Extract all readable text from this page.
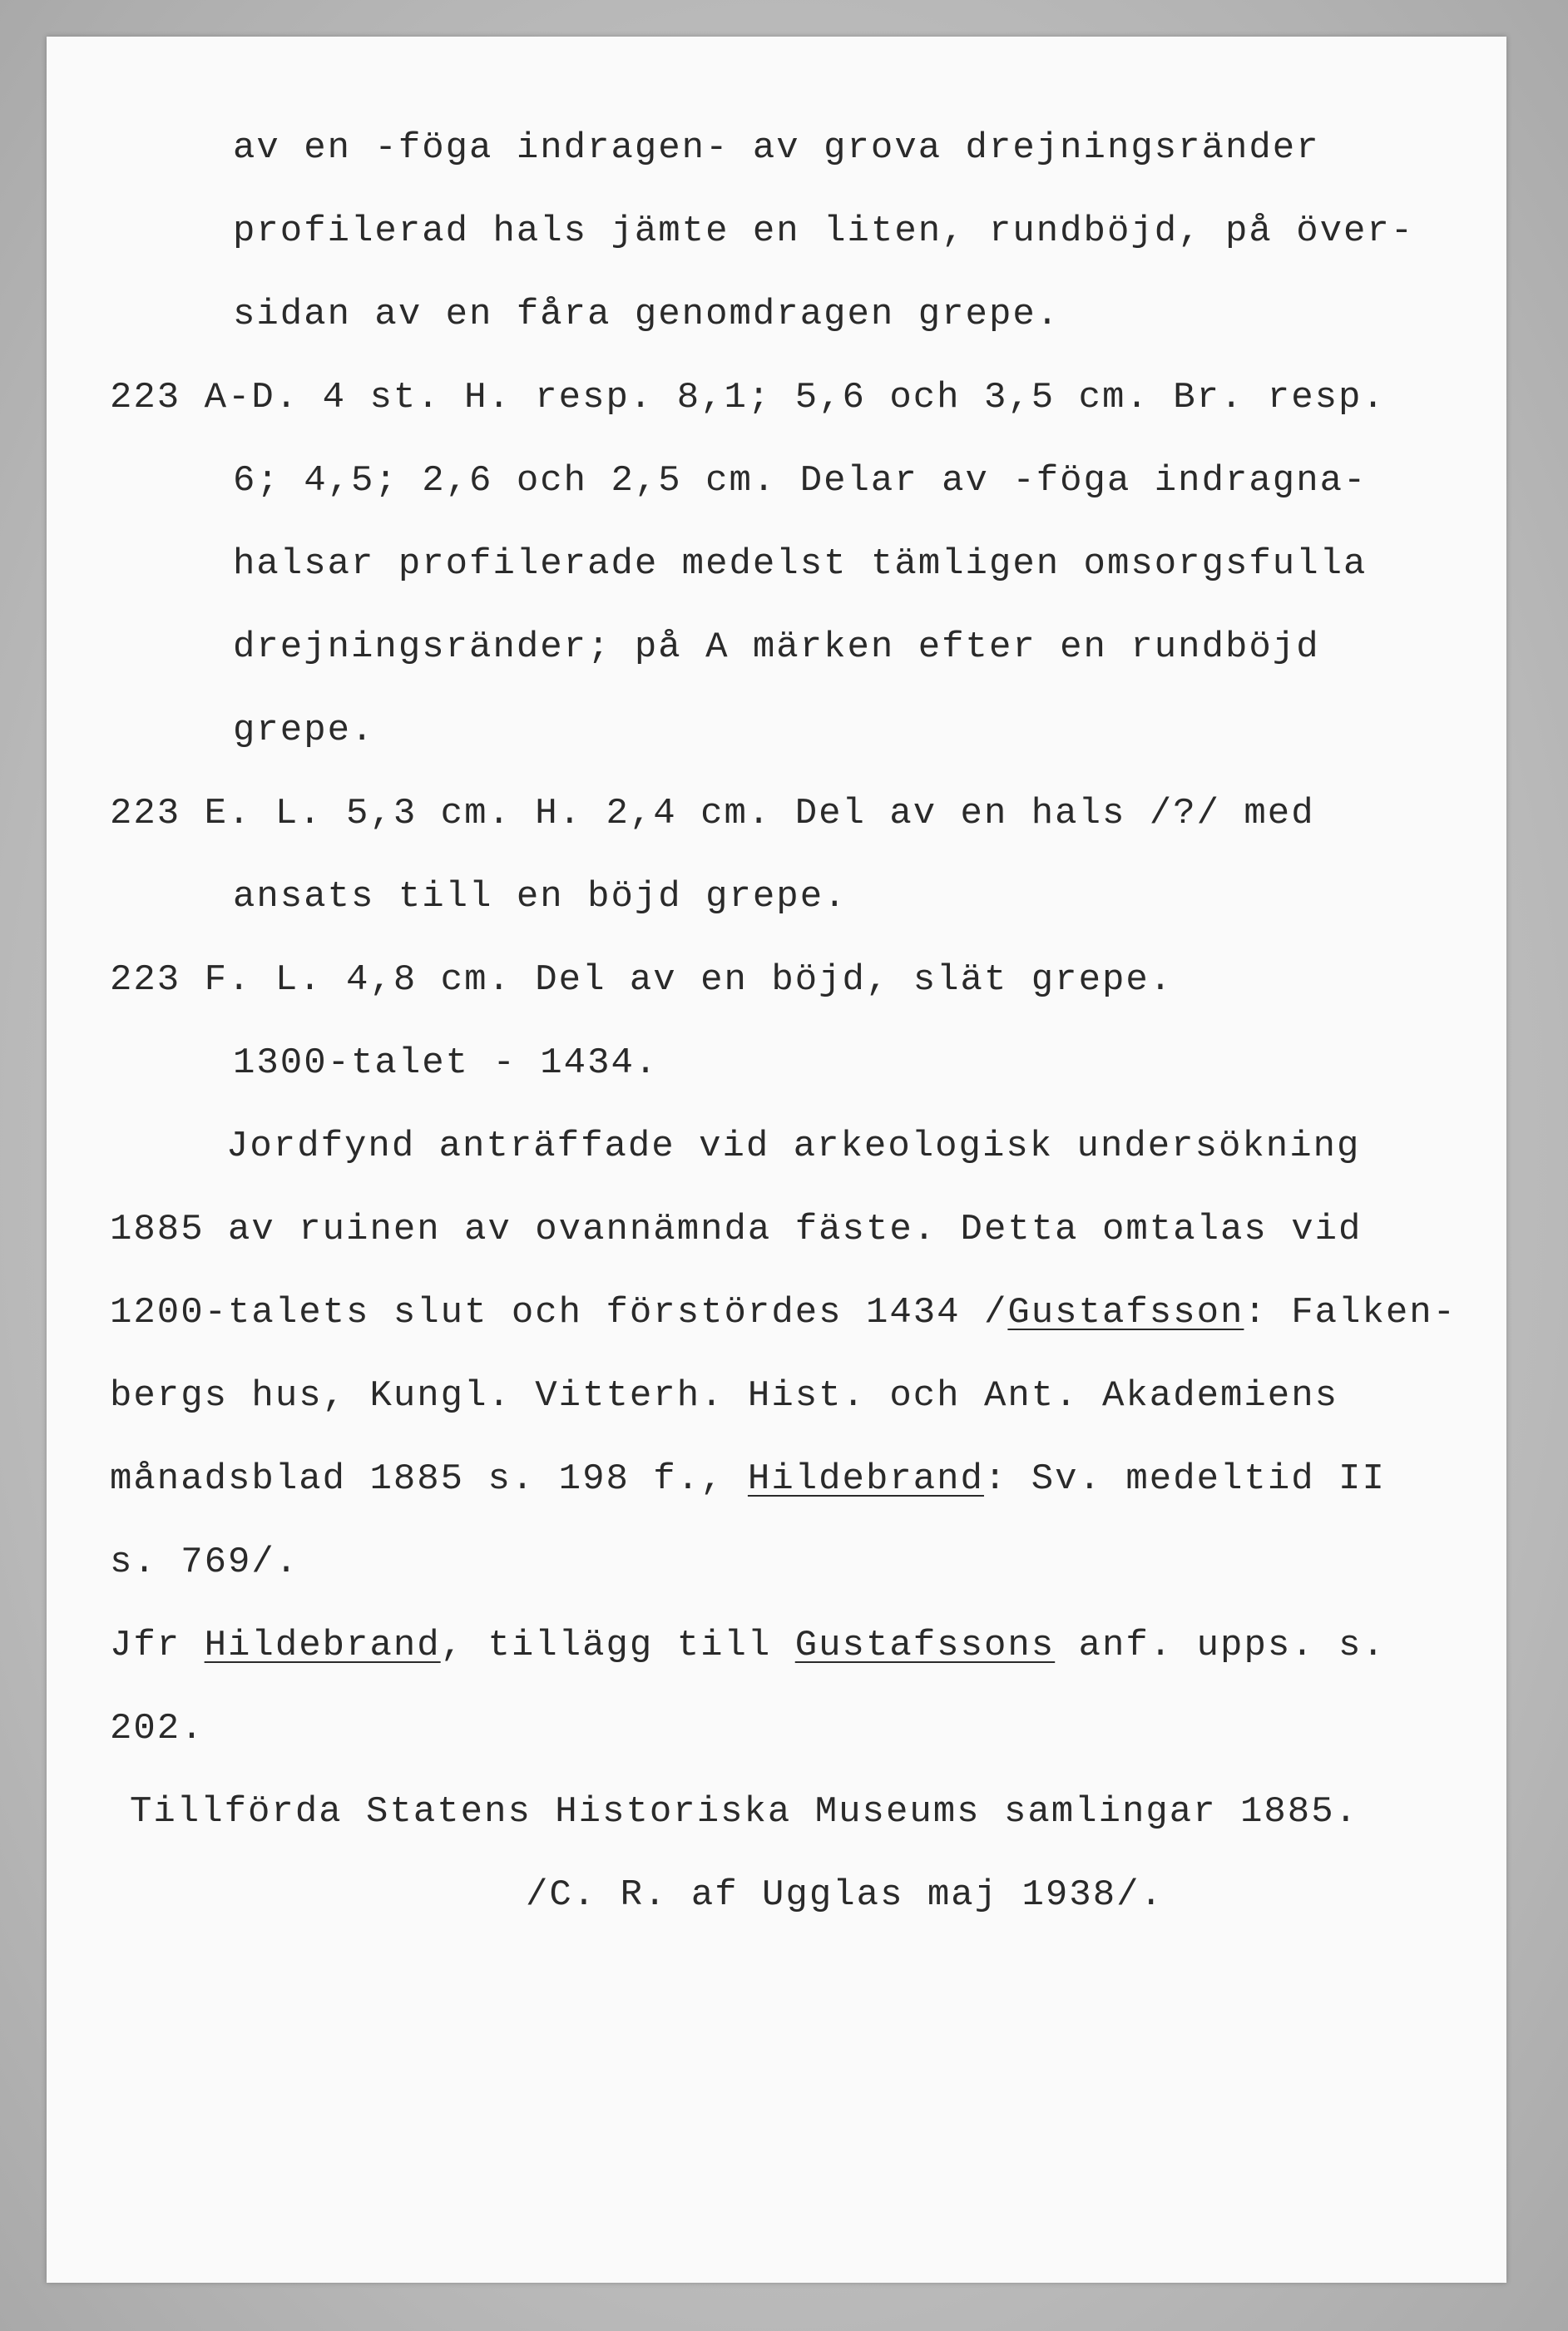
av en -föga indragen- av grova drejningsränder
profilerad hals jämte en liten, rundböjd, på över-
sidan av en fåra genomdragen grepe.
223 A-D. 4 st. H. resp. 8,1; 5,6 och 3,5 cm. Br. resp.
6; 4,5; 2,6 och 2,5 cm. Delar av -föga indragna-
halsar profilerade medelst tämligen omsorgsfulla
drejningsränder; på A märken efter en rundböjd
grepe.
223 E. L. 5,3 cm. H. 2,4 cm. Del av en hals /?/ med
ansats till en böjd grepe.
223 F. L. 4,8 cm. Del av en böjd, slät grepe.
1300-talet - 1434.
Jordfynd anträffade vid arkeologisk undersökning
1885 av ruinen av ovannämnda fäste. Detta omtalas vid
1200-talets slut och förstördes 1434 /Gustafsson: Falken-
bergs hus, Kungl. Vitterh. Hist. och Ant. Akademiens
månadsblad 1885 s. 198 f., Hildebrand: Sv. medeltid II
s. 769/.
Jfr Hildebrand, tillägg till Gustafssons anf. upps. s.
202.
Tillförda Statens Historiska Museums samlingar 1885.
/C. R. af Ugglas maj 1938/.
